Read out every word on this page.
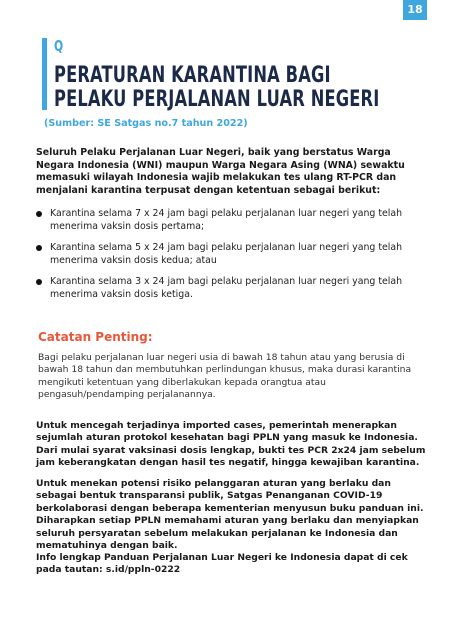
18
Q
PERATURAN KARANTINA BAGI
PELAKU PERJALANAN LUAR NEGERI
(Sumber: SE Satgas no.7 tahun 2022)

Seluruh Pelaku Perjalanan Luar Negeri, baik yang berstatus Warga Negara Indonesia (WNI) maupun Warga Negara Asing (WNA) sewaktu memasuki wilayah Indonesia wajib melakukan tes ulang RT-PCR dan menjalani karantina terpusat dengan ketentuan sebagai berikut:

Karantina selama 7 x 24 jam bagi pelaku perjalanan luar negeri yang telah menerima vaksin dosis pertama;
Karantina selama 5 x 24 jam bagi pelaku perjalanan luar negeri yang telah menerima vaksin dosis kedua; atau
Karantina selama 3 x 24 jam bagi pelaku perjalanan luar negeri yang telah menerima vaksin dosis ketiga.
Catatan Penting:

Bagi pelaku perjalanan luar negeri usia di bawah 18 tahun atau yang berusia di bawah 18 tahun dan membutuhkan perlindungan khusus, maka durasi karantina mengikuti ketentuan yang diberlakukan kepada orangtua atau pengasuh/pendamping perjalanannya.

Untuk mencegah terjadinya imported cases, pemerintah menerapkan sejumlah aturan protokol kesehatan bagi PPLN yang masuk ke Indonesia. Dari mulai syarat vaksinasi dosis lengkap, bukti tes PCR 2x24 jam sebelum jam keberangkatan dengan hasil tes negatif, hingga kewajiban karantina.

Untuk menekan potensi risiko pelanggaran aturan yang berlaku dan sebagai bentuk transparansi publik, Satgas Penanganan COVID-19 berkolaborasi dengan beberapa kementerian menyusun buku panduan ini. Diharapkan setiap PPLN memahami aturan yang berlaku dan menyiapkan seluruh persyaratan sebelum melakukan perjalanan ke Indonesia dan mematuhinya dengan baik.

Info lengkap Panduan Perjalanan Luar Negeri ke Indonesia dapat di cek pada tautan: s.id/ppln-0222
